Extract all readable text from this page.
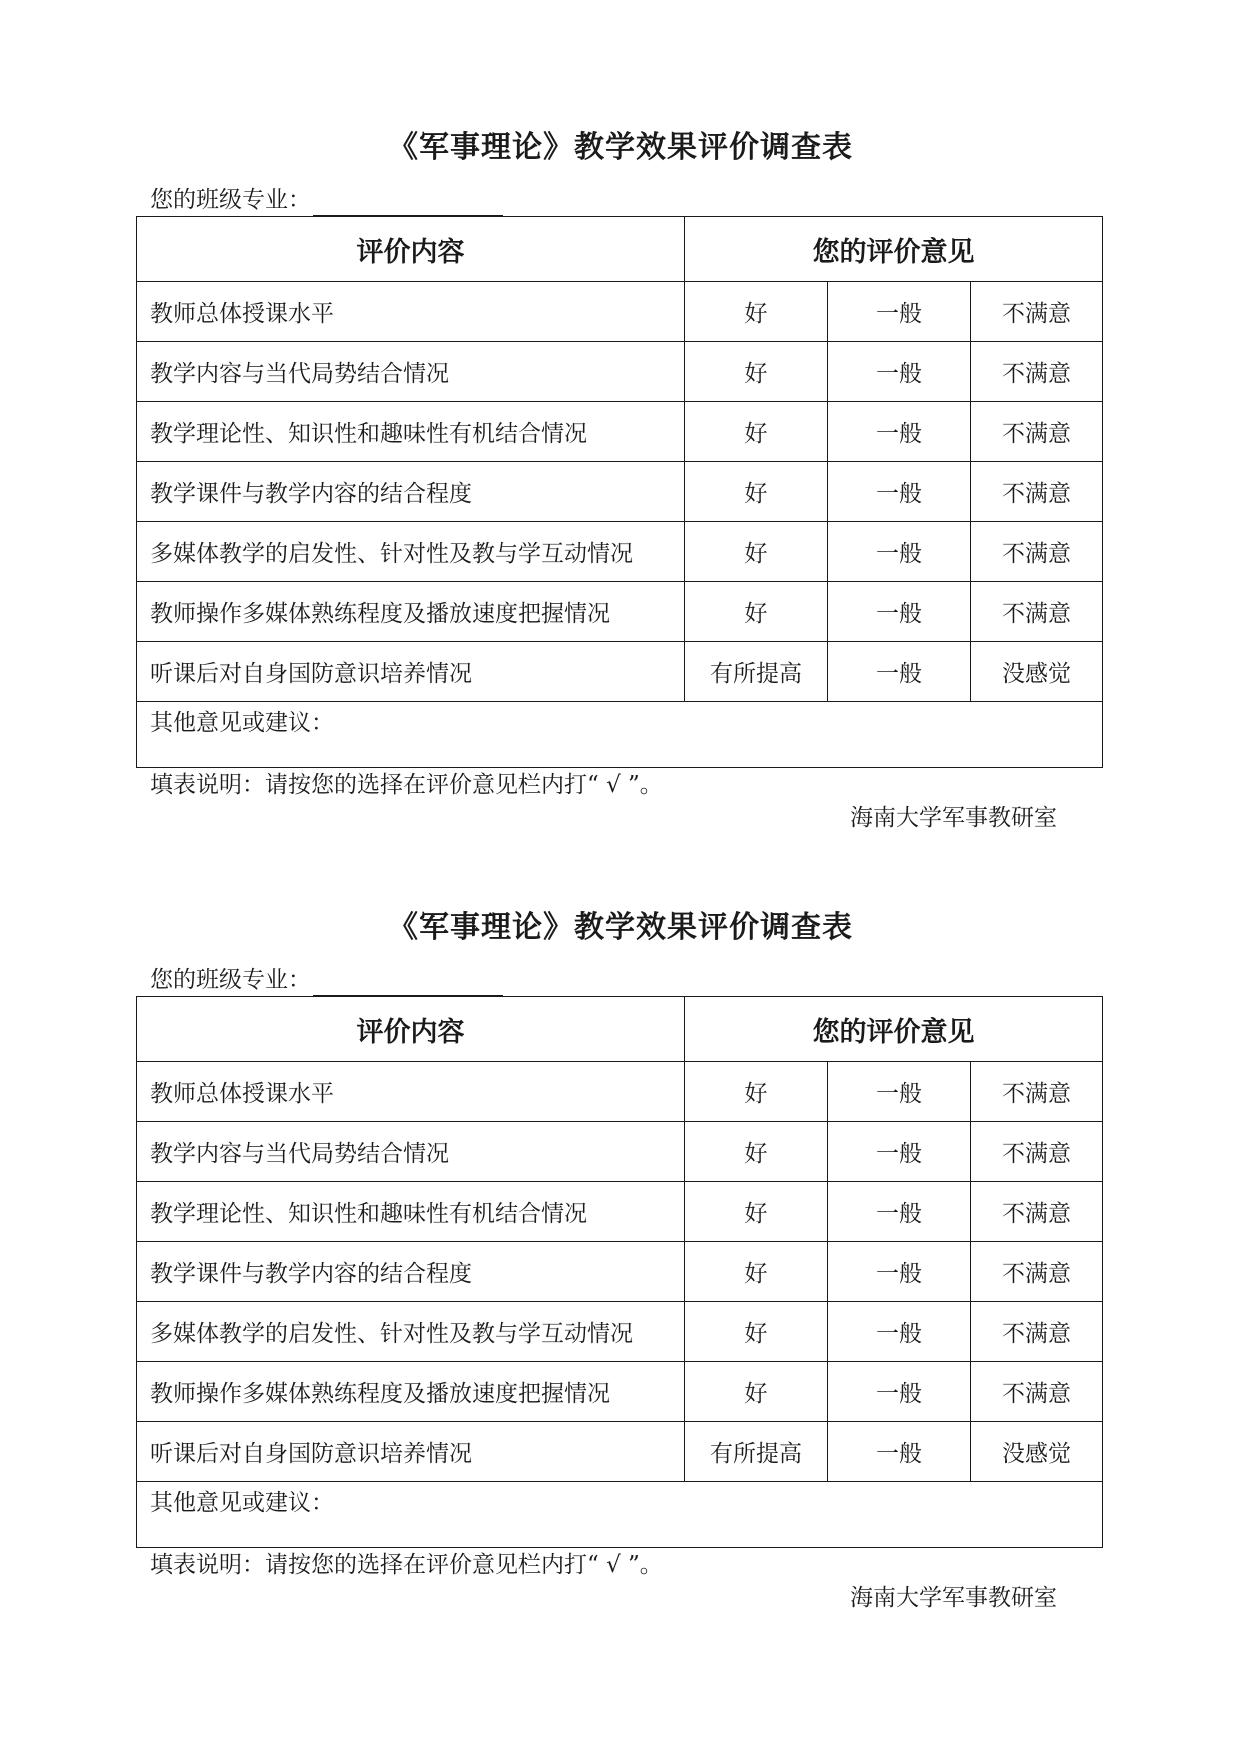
《军事理论》教学效果评价调查表
您的班级专业：
评价内容	您的评价意见		
教师总体授课水平	好	一般	不满意
教学内容与当代局势结合情况	好	一般	不满意
教学理论性、知识性和趣味性有机结合情况	好	一般	不满意
教学课件与教学内容的结合程度	好	一般	不满意
多媒体教学的启发性、针对性及教与学互动情况	好	一般	不满意
教师操作多媒体熟练程度及播放速度把握情况	好	一般	不满意
听课后对自身国防意识培养情况	有所提高	一般	没感觉
其他意见或建议：			
填表说明：请按您的选择在评价意见栏内打“ √ ”。
海南大学军事教研室
《军事理论》教学效果评价调查表
您的班级专业：
评价内容	您的评价意见		
教师总体授课水平	好	一般	不满意
教学内容与当代局势结合情况	好	一般	不满意
教学理论性、知识性和趣味性有机结合情况	好	一般	不满意
教学课件与教学内容的结合程度	好	一般	不满意
多媒体教学的启发性、针对性及教与学互动情况	好	一般	不满意
教师操作多媒体熟练程度及播放速度把握情况	好	一般	不满意
听课后对自身国防意识培养情况	有所提高	一般	没感觉
其他意见或建议：			
填表说明：请按您的选择在评价意见栏内打“ √ ”。
海南大学军事教研室
